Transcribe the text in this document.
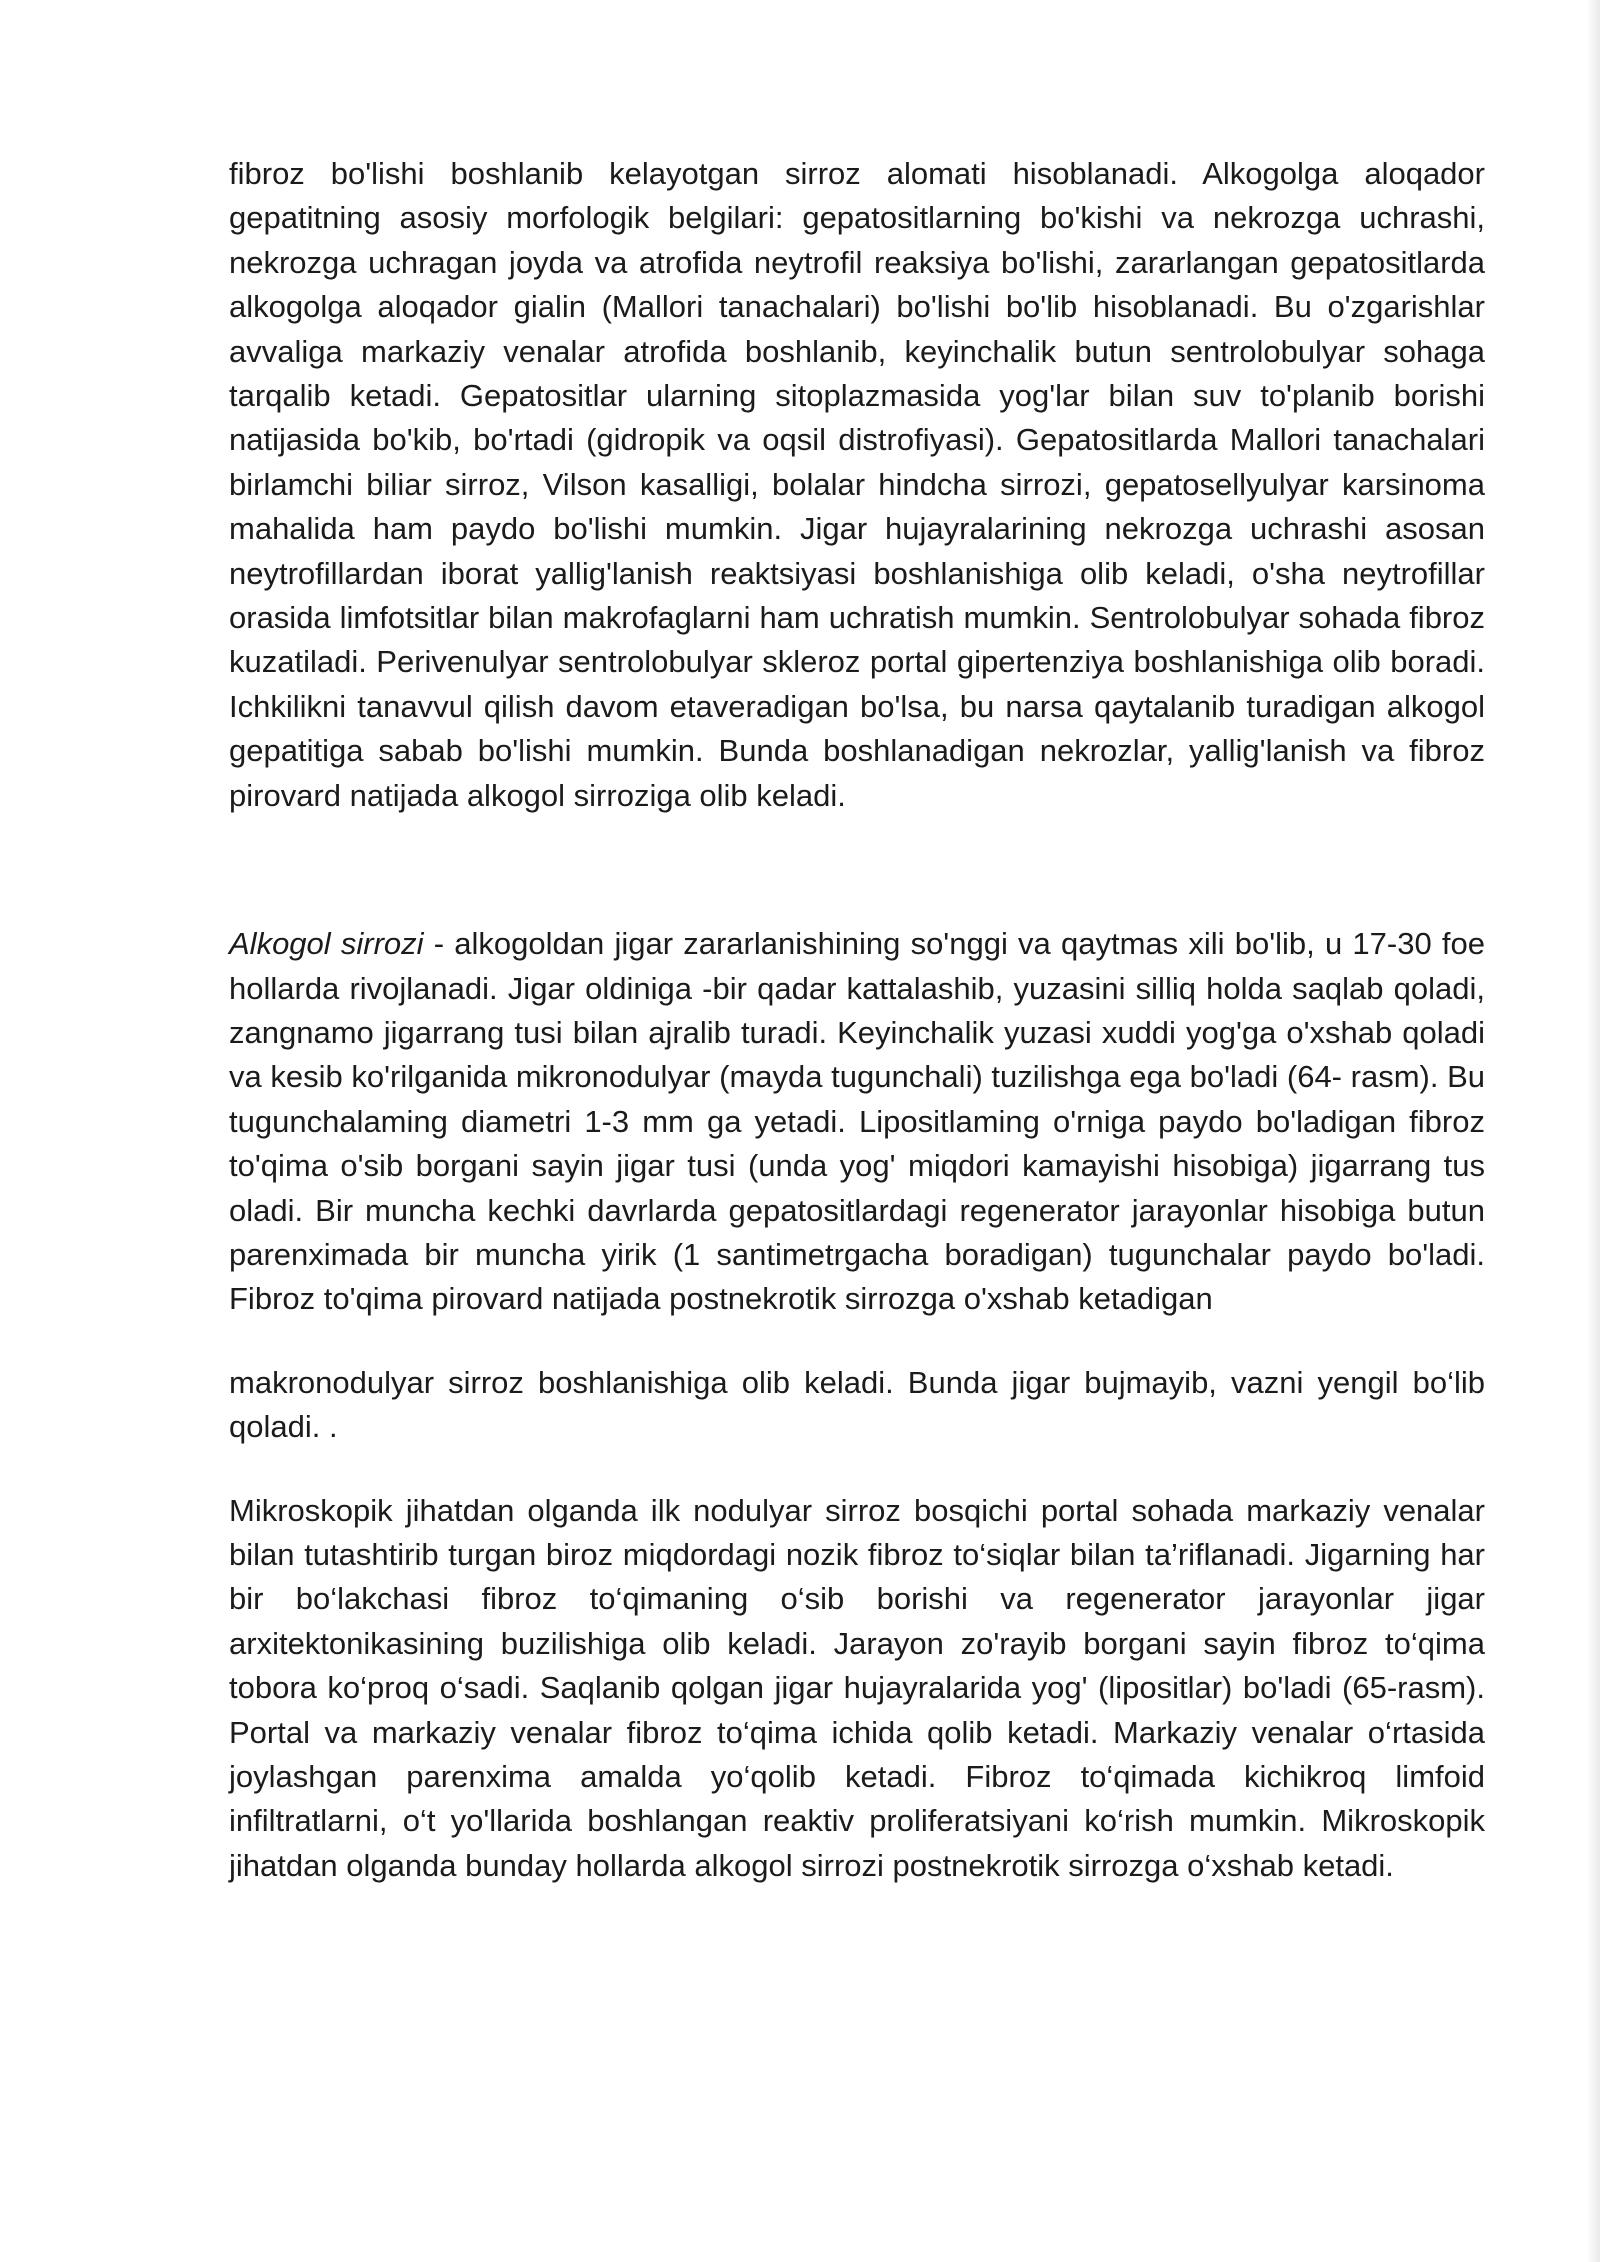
fibroz bo'lishi boshlanib kelayotgan sirroz alomati hisoblanadi. Alkogolga aloqador gepatitning asosiy morfologik belgilari: gepatositlarning bo'kishi va nekrozga uchrashi, nekrozga uchragan joyda va atrofida neytrofil reaksiya bo'lishi, zararlangan gepatositlarda alkogolga aloqador gialin (Mallori tanachalari) bo'lishi bo'lib hisoblanadi. Bu o'zgarishlar avvaliga markaziy venalar atrofida boshlanib, keyinchalik butun sentrolobulyar sohaga tarqalib ketadi. Gepatositlar ularning sitoplazmasida yog'lar bilan suv to'planib borishi natijasida bo'kib, bo'rtadi (gidropik va oqsil distrofiyasi). Gepatositlarda Mallori tanachalari birlamchi biliar sirroz, Vilson kasalligi, bolalar hindcha sirrozi, gepatosellyulyar karsinoma mahalida ham paydo bo'lishi mumkin. Jigar hujayralarining nekrozga uchrashi asosan neytrofillardan iborat yallig'lanish reaktsiyasi boshlanishiga olib keladi, o'sha neytrofillar orasida limfotsitlar bilan makrofaglarni ham uchratish mumkin. Sentrolobulyar sohada fibroz kuzatiladi. Perivenulyar sentrolobulyar skleroz portal gipertenziya boshlanishiga olib boradi. Ichkilikni tanavvul qilish davom etaveradigan bo'lsa, bu narsa qaytalanib turadigan alkogol gepatitiga sabab bo'lishi mumkin. Bunda boshlanadigan nekrozlar, yallig'lanish va fibroz pirovard natijada alkogol sirroziga olib keladi.

Alkogol sirrozi - alkogoldan jigar zararlanishining so'nggi va qaytmas xili bo'lib, u 17-30 foe hollarda rivojlanadi. Jigar oldiniga -bir qadar kattalashib, yuzasini silliq holda saqlab qoladi, zangnamo jigarrang tusi bilan ajralib turadi. Keyinchalik yuzasi xuddi yog'ga o'xshab qoladi va kesib ko'rilganida mikronodulyar (mayda tugunchali) tuzilishga ega bo'ladi (64- rasm). Bu tugunchalaming diametri 1-3 mm ga yetadi. Lipositlaming o'rniga paydo bo'ladigan fibroz to'qima o'sib borgani sayin jigar tusi (unda yog' miqdori kamayishi hisobiga) jigarrang tus oladi. Bir muncha kechki davrlarda gepatositlardagi regenerator jarayonlar hisobiga butun parenximada bir muncha yirik (1 santimetrgacha boradigan) tugunchalar paydo bo'ladi. Fibroz to'qima pirovard natijada postnekrotik sirrozga o'xshab ketadigan

makronodulyar sirroz boshlanishiga olib keladi. Bunda jigar bujmayib, vazni yengil bo‘lib qoladi. .

Mikroskopik jihatdan olganda ilk nodulyar sirroz bosqichi portal sohada markaziy venalar bilan tutashtirib turgan biroz miqdordagi nozik fibroz to‘siqlar bilan ta’riflanadi. Jigarning har bir bo‘lakchasi fibroz to‘qimaning o‘sib borishi va regenerator jarayonlar jigar arxitektonikasining buzilishiga olib keladi. Jarayon zo'rayib borgani sayin fibroz to‘qima tobora ko‘proq o‘sadi. Saqlanib qolgan jigar hujayralarida yog' (lipositlar) bo'ladi (65-rasm). Portal va markaziy venalar fibroz to‘qima ichida qolib ketadi. Markaziy venalar o‘rtasida joylashgan parenxima amalda yo‘qolib ketadi. Fibroz to‘qimada kichikroq limfoid infiltratlarni, o‘t yo'llarida boshlangan reaktiv proliferatsiyani ko‘rish mumkin. Mikroskopik jihatdan olganda bunday hollarda alkogol sirrozi postnekrotik sirrozga o‘xshab ketadi.
